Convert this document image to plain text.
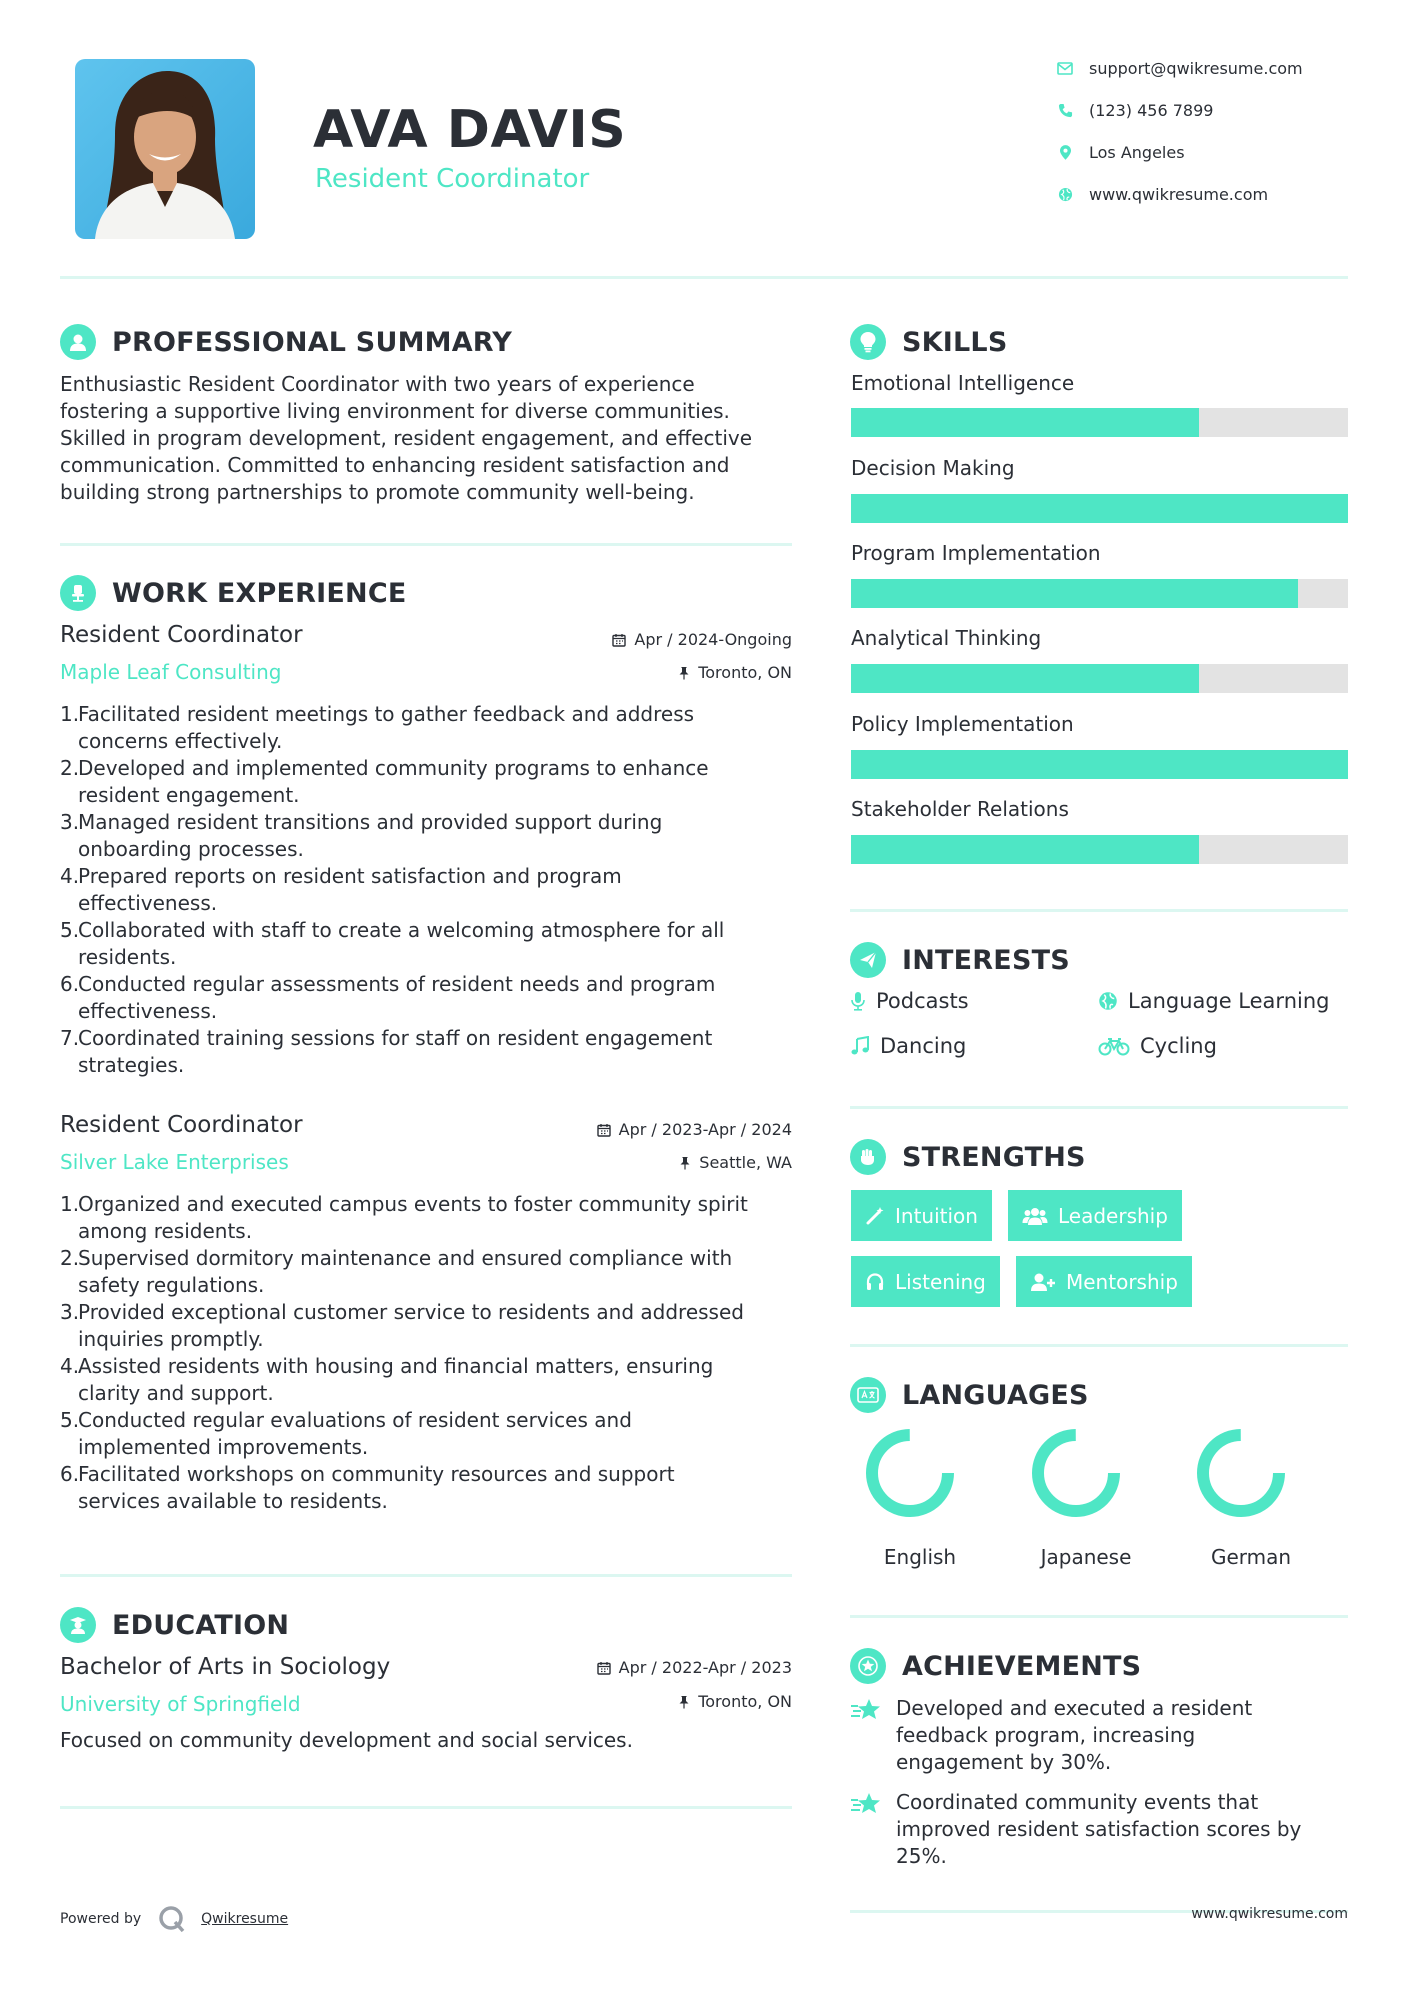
AVA DAVIS
Resident Coordinator
support@qwikresume.com
(123) 456 7899
Los Angeles
www.qwikresume.com
PROFESSIONAL SUMMARY
Enthusiastic Resident Coordinator with two years of experience
fostering a supportive living environment for diverse communities.
Skilled in program development, resident engagement, and effective
communication. Committed to enhancing resident satisfaction and
building strong partnerships to promote community well-being.
WORK EXPERIENCE
Resident Coordinator
Maple Leaf Consulting
Apr / 2024-Ongoing
Toronto, ON
1.
Facilitated resident meetings to gather feedback and address
concerns effectively.
2.
Developed and implemented community programs to enhance
resident engagement.
3.
Managed resident transitions and provided support during
onboarding processes.
4.
Prepared reports on resident satisfaction and program
effectiveness.
5.
Collaborated with staff to create a welcoming atmosphere for all
residents.
6.
Conducted regular assessments of resident needs and program
effectiveness.
7.
Coordinated training sessions for staff on resident engagement
strategies.
Resident Coordinator
Silver Lake Enterprises
Apr / 2023-Apr / 2024
Seattle, WA
1.
Organized and executed campus events to foster community spirit
among residents.
2.
Supervised dormitory maintenance and ensured compliance with
safety regulations.
3.
Provided exceptional customer service to residents and addressed
inquiries promptly.
4.
Assisted residents with housing and financial matters, ensuring
clarity and support.
5.
Conducted regular evaluations of resident services and
implemented improvements.
6.
Facilitated workshops on community resources and support
services available to residents.
EDUCATION
Bachelor of Arts in Sociology
University of Springfield
Apr / 2022-Apr / 2023
Toronto, ON
Focused on community development and social services.
SKILLS
Emotional Intelligence
Decision Making
Program Implementation
Analytical Thinking
Policy Implementation
Stakeholder Relations
INTERESTS
Podcasts	Language Learning
Dancing	Cycling
STRENGTHS
Intuition	Leadership
Listening	Mentorship
LANGUAGES
English	Japanese	German
ACHIEVEMENTS
Developed and executed a resident
feedback program, increasing
engagement by 30%.
Coordinated community events that
improved resident satisfaction scores by
25%.
Powered by	Qwikresume	www.qwikresume.com
